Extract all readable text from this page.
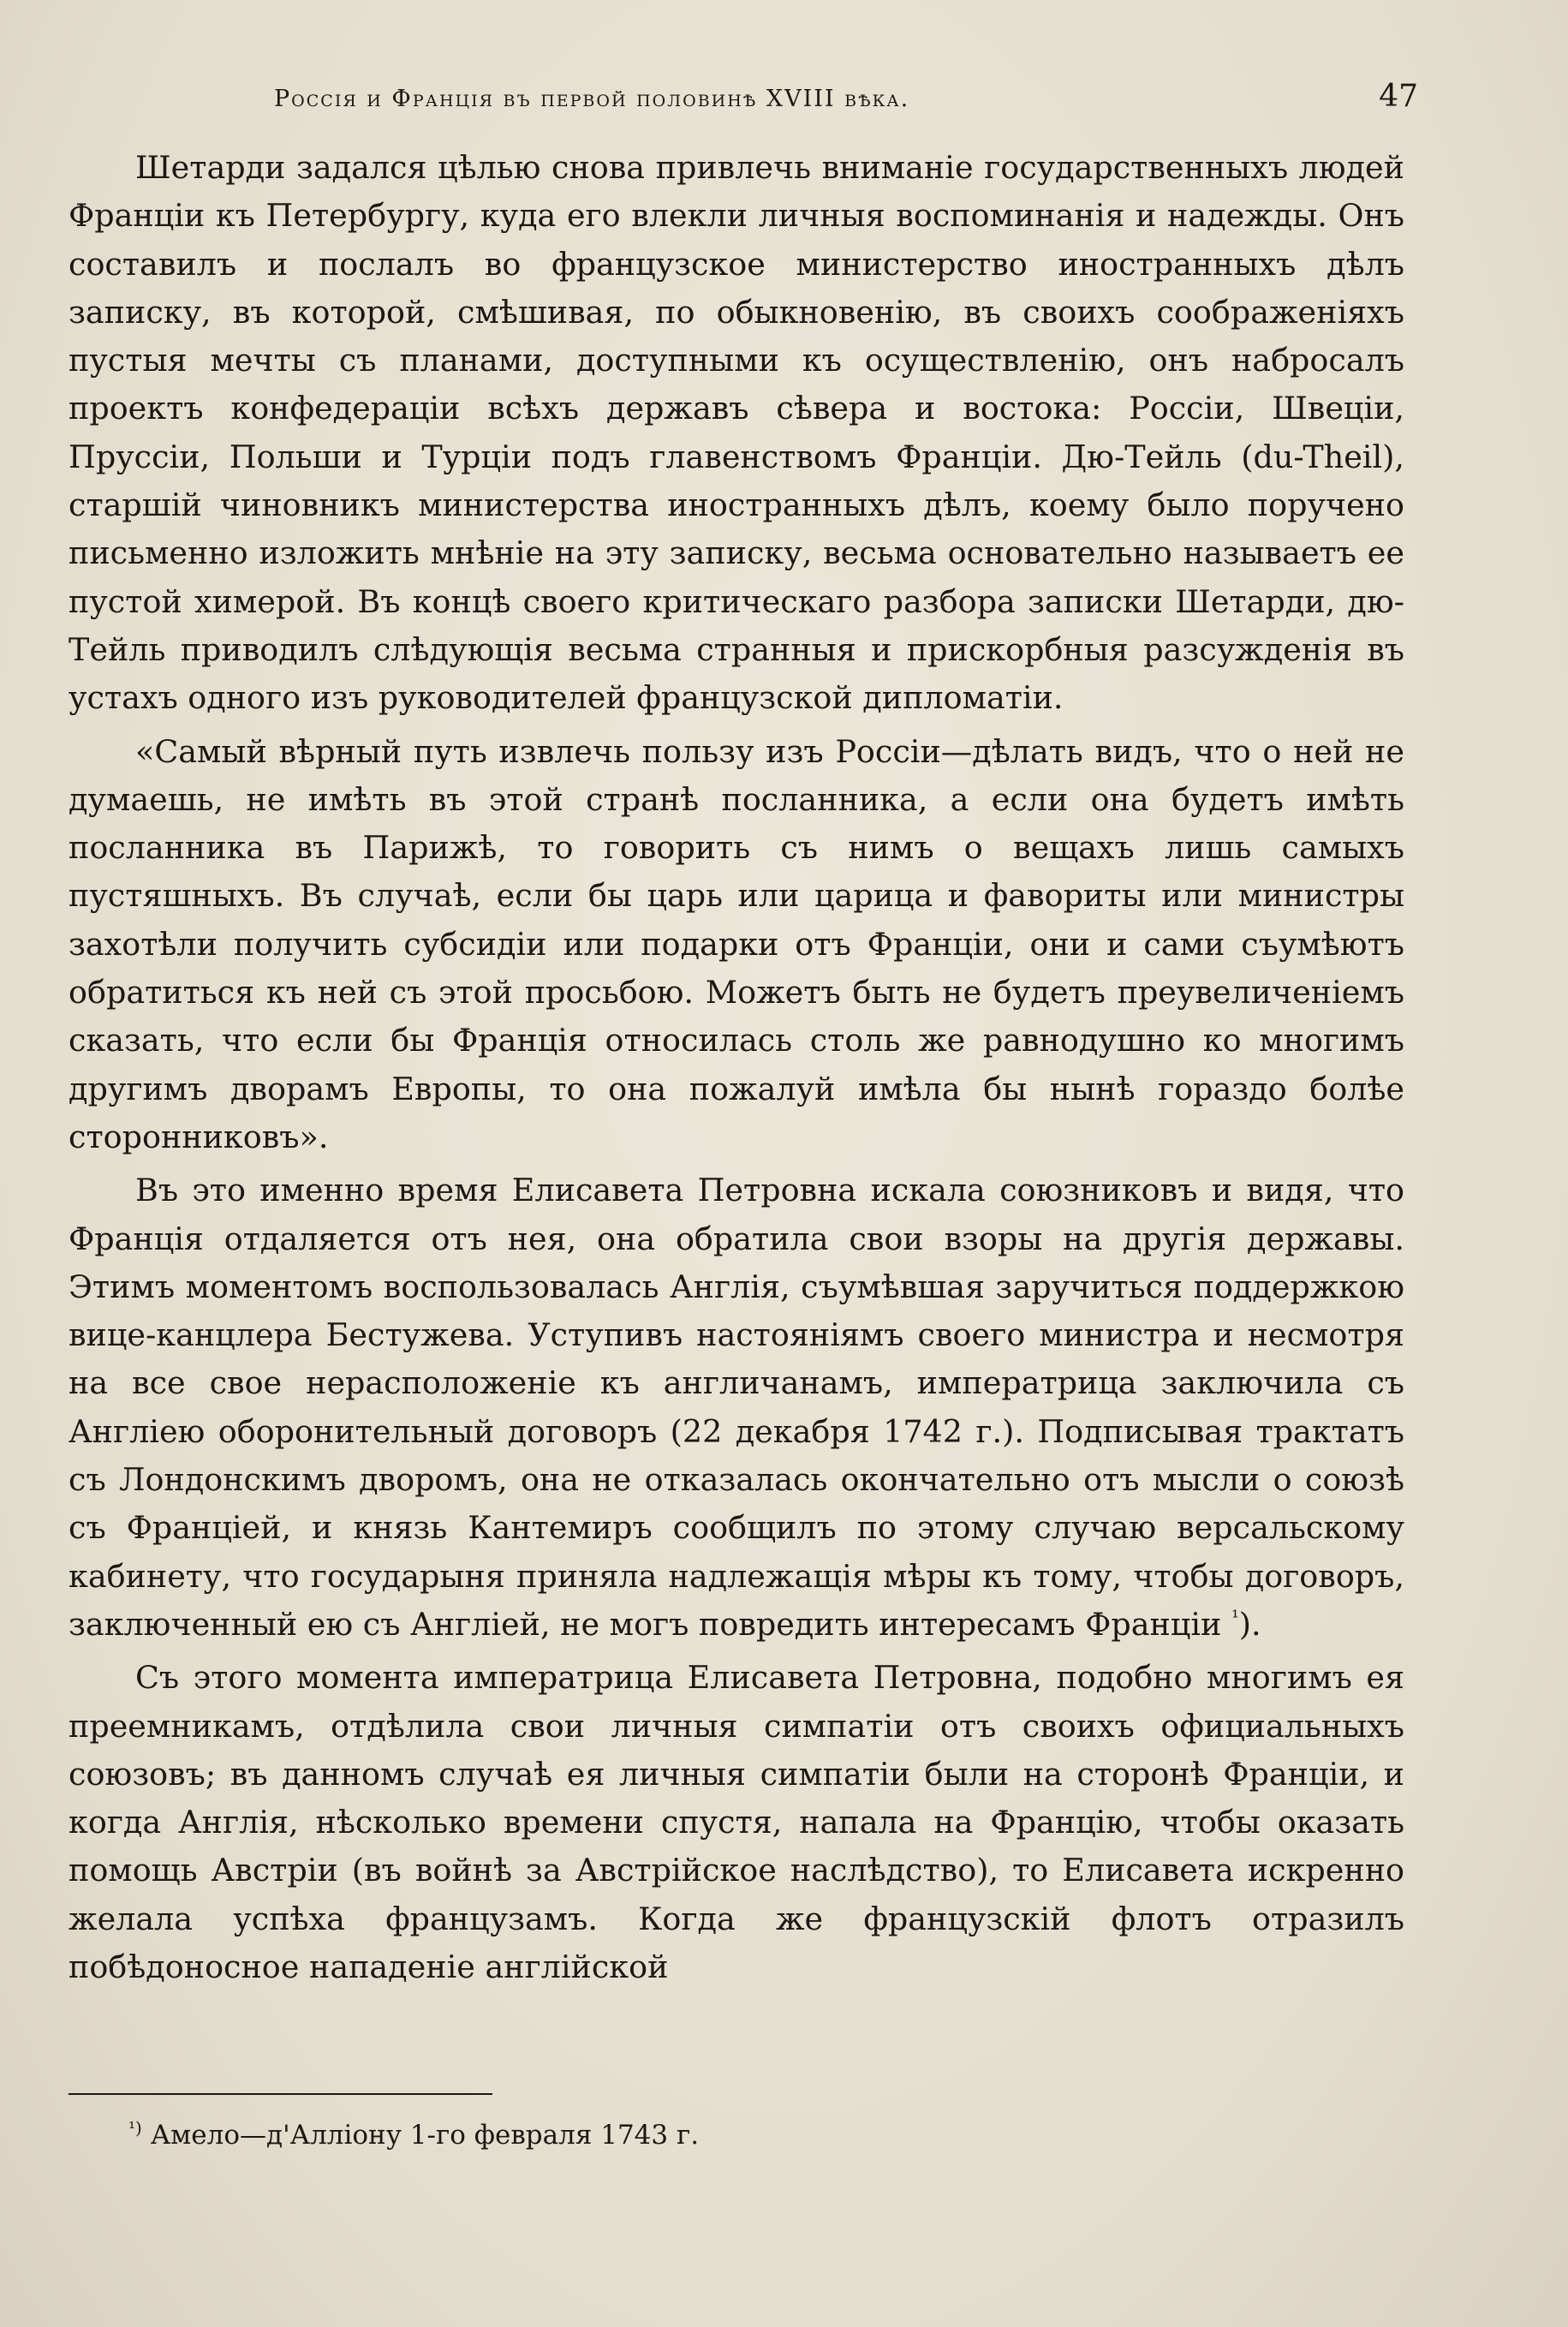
Россія и Франція въ первой половинѣ XVIII вѣка.	47

Шетарди задался цѣлью снова привлечь вниманіе государственныхъ людей Франціи къ Петербургу, куда его влекли личныя воспоминанія и надежды. Онъ составилъ и послалъ во французское министерство иностранныхъ дѣлъ записку, въ которой, смѣшивая, по обыкновенію, въ своихъ соображеніяхъ пустыя мечты съ планами, доступными къ осуществленію, онъ набросалъ проектъ конфедераціи всѣхъ державъ сѣвера и востока: Россіи, Швеціи, Пруссіи, Польши и Турціи подъ главенствомъ Франціи. Дю-Тейль (du-Theil), старшій чиновникъ министерства иностранныхъ дѣлъ, коему было поручено письменно изложить мнѣніе на эту записку, весьма основательно называетъ ее пустой химерой. Въ концѣ своего критическаго разбора записки Шетарди, дю-Тейль приводилъ слѣдующія весьма странныя и прискорбныя разсужденія въ устахъ одного изъ руководителей французской дипломатіи.

«Самый вѣрный путь извлечь пользу изъ Россіи—дѣлать видъ, что о ней не думаешь, не имѣть въ этой странѣ посланника, а если она будетъ имѣть посланника въ Парижѣ, то говорить съ нимъ о вещахъ лишь самыхъ пустяшныхъ. Въ случаѣ, если бы царь или царица и фавориты или министры захотѣли получить субсидіи или подарки отъ Франціи, они и сами съумѣютъ обратиться къ ней съ этой просьбою. Можетъ быть не будетъ преувеличеніемъ сказать, что если бы Франція относилась столь же равнодушно ко многимъ другимъ дворамъ Европы, то она пожалуй имѣла бы нынѣ гораздо болѣе сторонниковъ».

Въ это именно время Елисавета Петровна искала союзниковъ и видя, что Франція отдаляется отъ нея, она обратила свои взоры на другія державы. Этимъ моментомъ воспользовалась Англія, съумѣвшая заручиться поддержкою вице-канцлера Бестужева. Уступивъ настояніямъ своего министра и несмотря на все свое нерасположеніе къ англичанамъ, императрица заключила съ Англіею оборонительный договоръ (22 декабря 1742 г.). Подписывая трактатъ съ Лондонскимъ дворомъ, она не отказалась окончательно отъ мысли о союзѣ съ Франціей, и князь Кантемиръ сообщилъ по этому случаю версальскому кабинету, что государыня приняла надлежащія мѣры къ тому, чтобы договоръ, заключенный ею съ Англіей, не могъ повредить интересамъ Франціи $^{^1}$).

Съ этого момента императрица Елисавета Петровна, подобно многимъ ея преемникамъ, отдѣлила свои личныя симпатіи отъ своихъ официальныхъ союзовъ; въ данномъ случаѣ ея личныя симпатіи были на сторонѣ Франціи, и когда Англія, нѣсколько времени спустя, напала на Францію, чтобы оказать помощь Австріи (въ войнѣ за Австрійское наслѣдство), то Елисавета искренно желала успѣха французамъ. Когда же французскій флотъ отразилъ побѣдоносное нападеніе англійской

$^{^1)}$ Амело—д'Аллiону 1-го февраля 1743 г.
